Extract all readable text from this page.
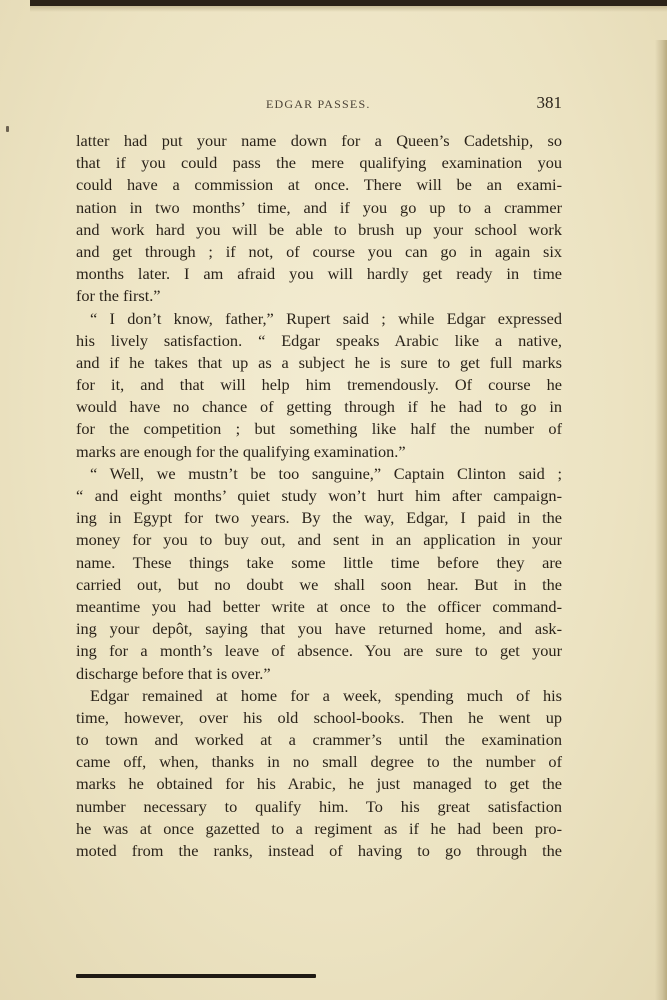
EDGAR PASSES.	381
latter had put your name down for a Queen’s Cadetship, so
that if you could pass the mere qualifying examination you
could have a commission at once. There will be an exami-
nation in two months’ time, and if you go up to a crammer
and work hard you will be able to brush up your school work
and get through ; if not, of course you can go in again six
months later. I am afraid you will hardly get ready in time
for the first.”
“ I don’t know, father,” Rupert said ; while Edgar expressed
his lively satisfaction. “ Edgar speaks Arabic like a native,
and if he takes that up as a subject he is sure to get full marks
for it, and that will help him tremendously. Of course he
would have no chance of getting through if he had to go in
for the competition ; but something like half the number of
marks are enough for the qualifying examination.”
“ Well, we mustn’t be too sanguine,” Captain Clinton said ;
“ and eight months’ quiet study won’t hurt him after campaign-
ing in Egypt for two years. By the way, Edgar, I paid in the
money for you to buy out, and sent in an application in your
name. These things take some little time before they are
carried out, but no doubt we shall soon hear. But in the
meantime you had better write at once to the officer command-
ing your depôt, saying that you have returned home, and ask-
ing for a month’s leave of absence. You are sure to get your
discharge before that is over.”
Edgar remained at home for a week, spending much of his
time, however, over his old school-books. Then he went up
to town and worked at a crammer’s until the examination
came off, when, thanks in no small degree to the number of
marks he obtained for his Arabic, he just managed to get the
number necessary to qualify him. To his great satisfaction
he was at once gazetted to a regiment as if he had been pro-
moted from the ranks, instead of having to go through the
